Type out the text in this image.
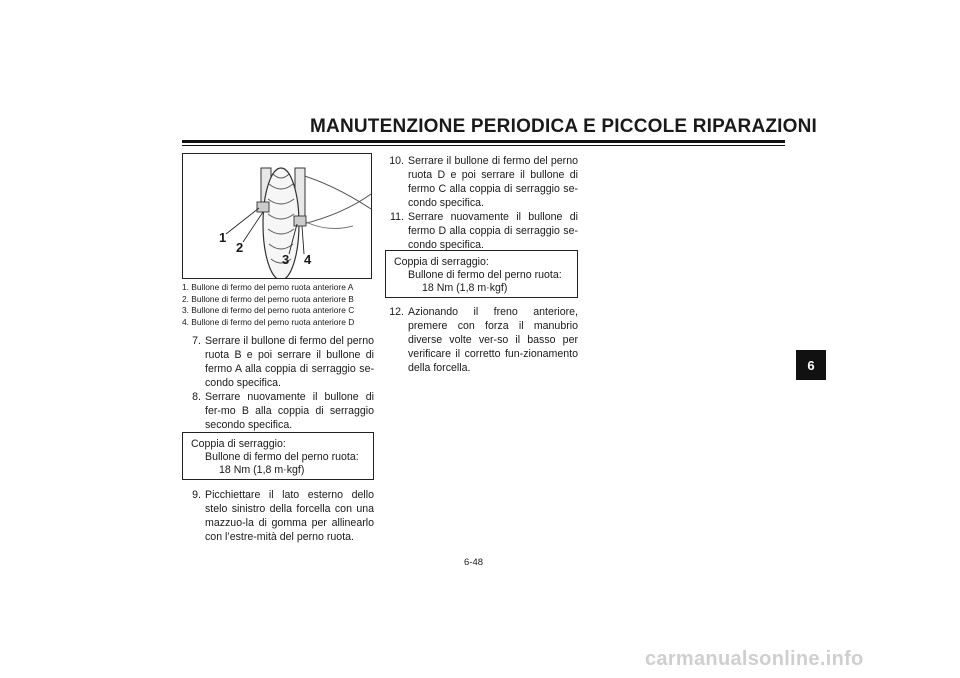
MANUTENZIONE PERIODICA E PICCOLE RIPARAZIONI
1
2
3 4
1. Bullone di fermo del perno ruota anteriore A
2. Bullone di fermo del perno ruota anteriore B
3. Bullone di fermo del perno ruota anteriore C
4. Bullone di fermo del perno ruota anteriore D
7. Serrare il bullone di fermo del perno ruota B e poi serrare il bullone di fermo A alla coppia di serraggio se-condo specifica.
8. Serrare nuovamente il bullone di fer-mo B alla coppia di serraggio secondo specifica.
Coppia di serraggio:
Bullone di fermo del perno ruota:
18 Nm (1,8 m·kgf)
9. Picchiettare il lato esterno dello stelo sinistro della forcella con una mazzuo-la di gomma per allinearlo con l’estre-mità del perno ruota.
10. Serrare il bullone di fermo del perno ruota D e poi serrare il bullone di fermo C alla coppia di serraggio se-condo specifica.
11. Serrare nuovamente il bullone di fermo D alla coppia di serraggio se-condo specifica.
Coppia di serraggio:
Bullone di fermo del perno ruota:
18 Nm (1,8 m·kgf)
12. Azionando il freno anteriore, premere con forza il manubrio diverse volte ver-so il basso per verificare il corretto fun-zionamento della forcella.
6-48
6
carmanualsonline.info
